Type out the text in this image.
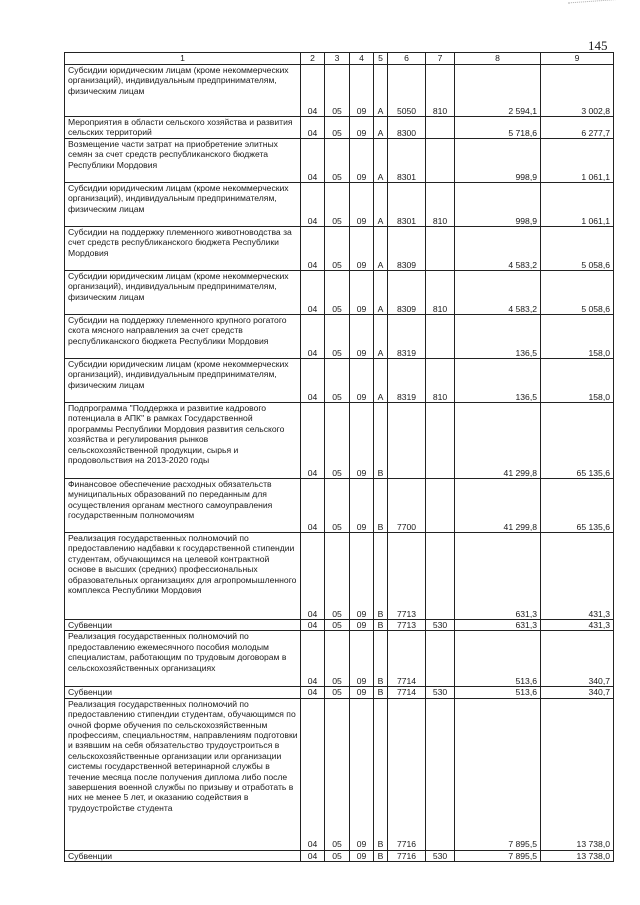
145
1	2	3	4	5	6	7	8	9
Субсидии юридическим лицам (кроме некоммерческих организаций), индивидуальным предпринимателям, физическим лицам	04	05	09	А	5050	810	2 594,1	3 002,8
Мероприятия в области сельского хозяйства и развития сельских территорий	04	05	09	А	8300		5 718,6	6 277,7
Возмещение части затрат на приобретение элитных семян за счет средств республиканского бюджета Республики Мордовия	04	05	09	А	8301		998,9	1 061,1
Субсидии юридическим лицам (кроме некоммерческих организаций), индивидуальным предпринимателям, физическим лицам	04	05	09	А	8301	810	998,9	1 061,1
Субсидии на поддержку племенного животноводства за счет средств республиканского бюджета Республики Мордовия	04	05	09	А	8309		4 583,2	5 058,6
Субсидии юридическим лицам (кроме некоммерческих организаций), индивидуальным предпринимателям, физическим лицам	04	05	09	А	8309	810	4 583,2	5 058,6
Субсидии на поддержку племенного крупного рогатого скота мясного направления за счет средств республиканского бюджета Республики Мордовия	04	05	09	А	8319		136,5	158,0
Субсидии юридическим лицам (кроме некоммерческих организаций), индивидуальным предпринимателям, физическим лицам	04	05	09	А	8319	810	136,5	158,0
Подпрограмма "Поддержка и развитие кадрового потенциала в АПК" в рамках Государственной программы Республики Мордовия развития сельского хозяйства и регулирования рынков сельскохозяйственной продукции, сырья и продовольствия на 2013-2020 годы	04	05	09	В			41 299,8	65 135,6
Финансовое обеспечение расходных обязательств муниципальных образований по переданным для осуществления органам местного самоуправления государственным полномочиям	04	05	09	В	7700		41 299,8	65 135,6
Реализация государственных полномочий по предоставлению надбавки к государственной стипендии студентам, обучающимся на целевой контрактной основе в высших (средних) профессиональных образовательных организациях для агропромышленного комплекса Республики Мордовия	04	05	09	В	7713		631,3	431,3
Субвенции	04	05	09	В	7713	530	631,3	431,3
Реализация государственных полномочий по предоставлению ежемесячного пособия молодым специалистам, работающим по трудовым договорам в сельскохозяйственных организациях	04	05	09	В	7714		513,6	340,7
Субвенции	04	05	09	В	7714	530	513,6	340,7
Реализация государственных полномочий по предоставлению стипендии студентам, обучающимся по очной форме обучения по сельскохозяйственным профессиям, специальностям, направлениям подготовки и взявшим на себя обязательство трудоустроиться в сельскохозяйственные организации или организации системы государственной ветеринарной службы в течение месяца после получения диплома либо после завершения военной службы по призыву и отработать в них не менее 5 лет, и оказанию содействия в трудоустройстве студента	04	05	09	В	7716		7 895,5	13 738,0
Субвенции	04	05	09	В	7716	530	7 895,5	13 738,0
